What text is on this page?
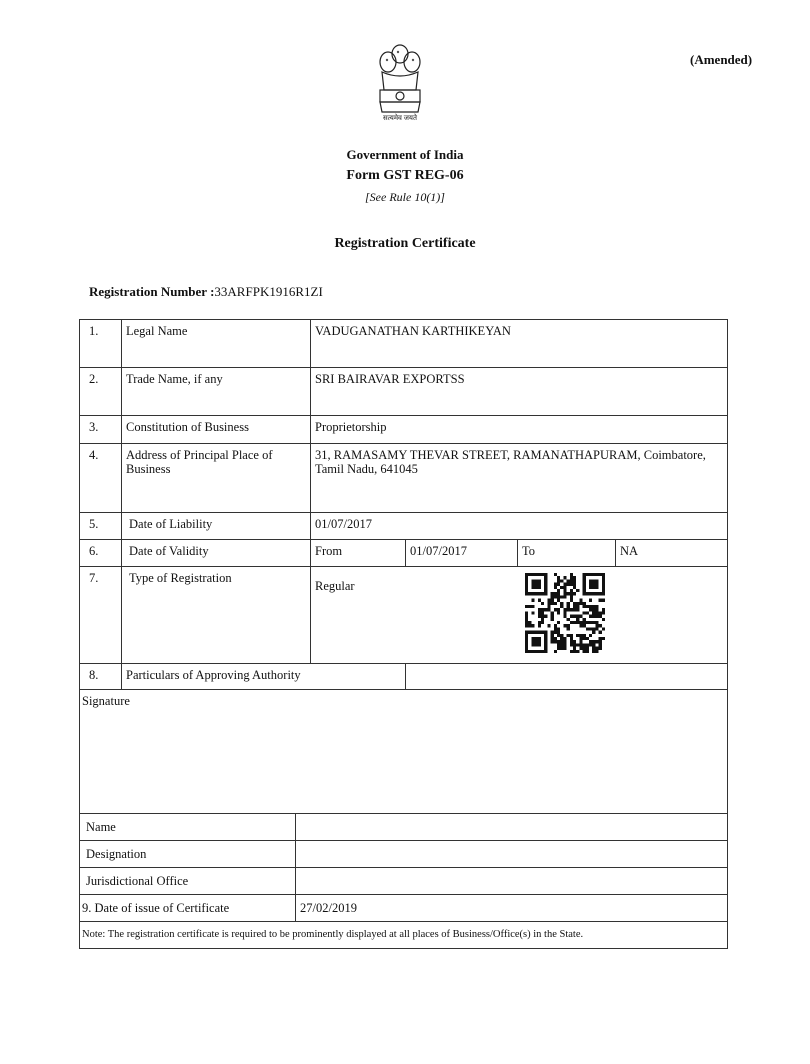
(Amended)
सत्यमेव जयते
Government of India
Form GST REG-06
[See Rule 10(1)]
Registration Certificate
Registration Number :33ARFPK1916R1ZI
1.	Legal Name	VADUGANATHAN KARTHIKEYAN			
2.	Trade Name, if any	SRI BAIRAVAR EXPORTSS			
3.	Constitution of Business	Proprietorship			
4.	Address of Principal Place of Business	31, RAMASAMY THEVAR STREET, RAMANATHAPURAM, Coimbatore, Tamil Nadu, 641045			
5.	Date of Liability	01/07/2017			
6.	Date of Validity	From	01/07/2017	To	NA
7.	Type of Registration	Regular			
8.	Particulars of Approving Authority				
Signature	
Name	
Designation	
Jurisdictional Office	
9. Date of issue of Certificate	27/02/2019
Note: The registration certificate is required to be prominently displayed at all places of Business/Office(s) in the State.	
